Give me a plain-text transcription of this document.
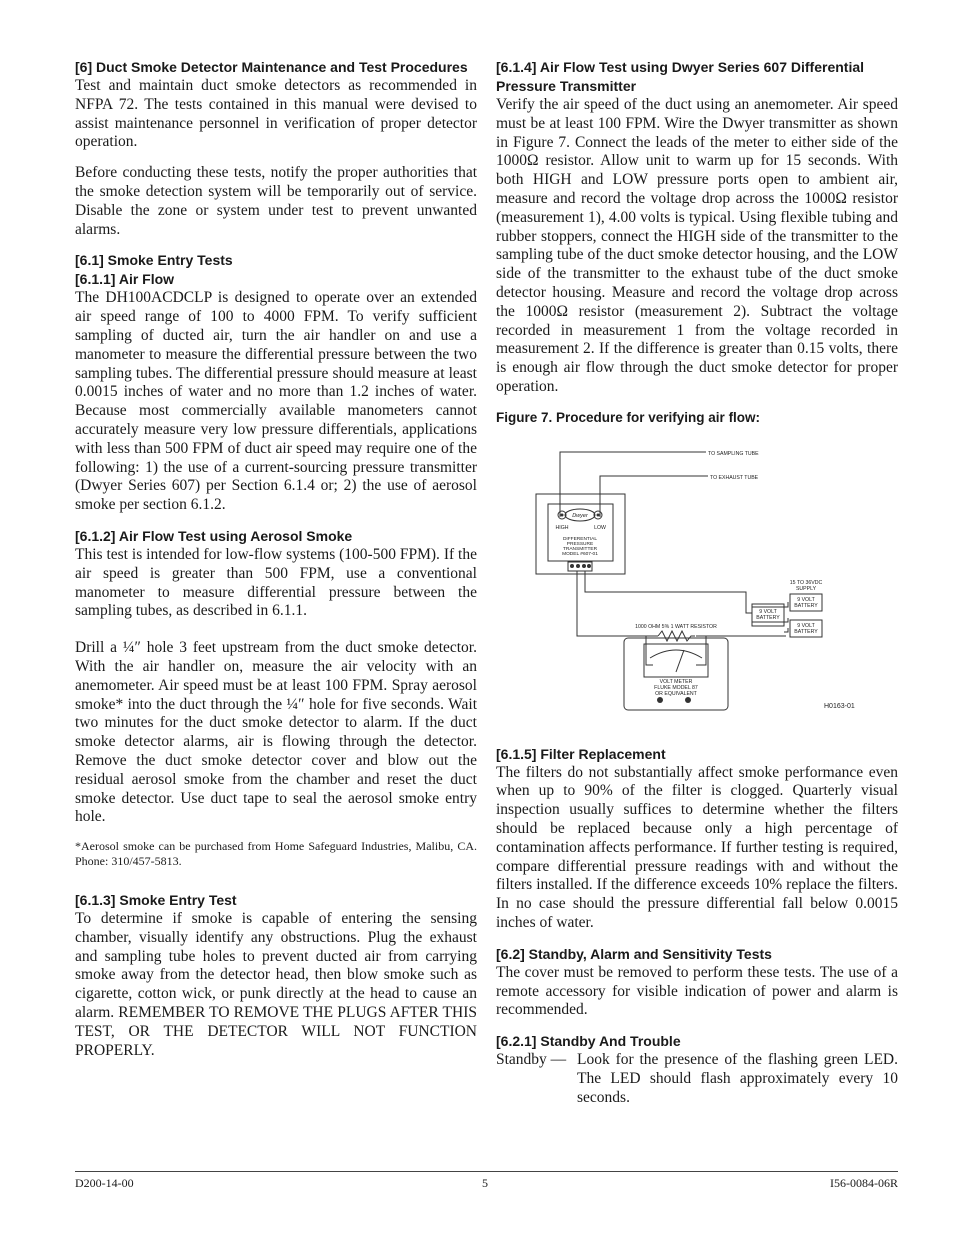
[6] Duct Smoke Detector Maintenance and Test Procedures

Test and maintain duct smoke detectors as recommended in NFPA 72. The tests contained in this manual were devised to assist maintenance personnel in verification of proper detector operation.

Before conducting these tests, notify the proper authorities that the smoke detection system will be temporarily out of service. Disable the zone or system under test to prevent unwanted alarms.

[6.1] Smoke Entry Tests
[6.1.1] Air Flow

The DH100ACDCLP is designed to operate over an extended air speed range of 100 to 4000 FPM. To verify sufficient sampling of ducted air, turn the air handler on and use a manometer to measure the differential pressure between the two sampling tubes. The differential pressure should measure at least 0.0015 inches of water and no more than 1.2 inches of water. Because most commercially available manometers cannot accurately measure very low pressure differentials, applications with less than 500 FPM of duct air speed may require one of the following: 1) the use of a current-sourcing pressure transmitter (Dwyer Series 607) per Section 6.1.4 or; 2) the use of aerosol smoke per section 6.1.2.

[6.1.2] Air Flow Test using Aerosol Smoke

This test is intended for low-flow systems (100-500 FPM). If the air speed is greater than 500 FPM, use a conventional manometer to measure differential pressure between the sampling tubes, as described in 6.1.1.

Drill a ¼″ hole 3 feet upstream from the duct smoke detector. With the air handler on, measure the air velocity with an anemometer. Air speed must be at least 100 FPM. Spray aerosol smoke* into the duct through the ¼″ hole for five seconds. Wait two minutes for the duct smoke detector to alarm. If the duct smoke detector alarms, air is flowing through the detector. Remove the duct smoke detector cover and blow out the residual aerosol smoke from the chamber and reset the duct smoke detector. Use duct tape to seal the aerosol smoke entry hole.

*Aerosol smoke can be purchased from Home Safeguard Industries, Malibu, CA. Phone: 310/457-5813.

[6.1.3] Smoke Entry Test

To determine if smoke is capable of entering the sensing chamber, visually identify any obstructions. Plug the exhaust and sampling tube holes to prevent ducted air from carrying smoke away from the detector head, then blow smoke such as cigarette, cotton wick, or punk directly at the head to cause an alarm. REMEMBER TO REMOVE THE PLUGS AFTER THIS TEST, OR THE DETECTOR WILL NOT FUNCTION PROPERLY.

[6.1.4] Air Flow Test using Dwyer Series 607 Differential Pressure Transmitter

Verify the air speed of the duct using an anemometer. Air speed must be at least 100 FPM. Wire the Dwyer transmitter as shown in Figure 7. Connect the leads of the meter to either side of the 1000Ω resistor. Allow unit to warm up for 15 seconds. With both HIGH and LOW pressure ports open to ambient air, measure and record the voltage drop across the 1000Ω resistor (measurement 1), 4.00 volts is typical. Using flexible tubing and rubber stoppers, connect the HIGH side of the transmitter to the sampling tube of the duct smoke detector housing, and the LOW side of the transmitter to the exhaust tube of the duct smoke detector housing. Measure and record the voltage drop across the 1000Ω resistor (measurement 2). Subtract the voltage recorded in measurement 1 from the voltage recorded in measurement 2. If the difference is greater than 0.15 volts, there is enough air flow through the duct smoke detector for proper operation.

Figure 7. Procedure for verifying air flow:

TO SAMPLING TUBE
TO EXHAUST TUBE
Dwyer
HIGH	LOW
DIFFERENTIAL
PRESSURE
TRANSMITTER
MODEL #607-01
15 TO 36VDC
SUPPLY
9 VOLT
BATTERY
9 VOLT
BATTERY
9 VOLT
BATTERY
1000 OHM 5% 1 WATT RESISTOR
VOLT METER
FLUKE MODEL 87
OR EQUIVALENT
H0163-01
[6.1.5] Filter Replacement

The filters do not substantially affect smoke performance even when up to 90% of the filter is clogged. Quarterly visual inspection usually suffices to determine whether the filters should be replaced because only a high percentage of contamination affects performance. If further testing is required, compare differential pressure readings with and without the filters installed. If the difference exceeds 10% replace the filters. In no case should the pressure differential fall below 0.0015 inches of water.

[6.2] Standby, Alarm and Sensitivity Tests

The cover must be removed to perform these tests. The use of a remote accessory for visible indication of power and alarm is recommended.

[6.2.1] Standby And Trouble
Standby — Look for the presence of the flashing green LED. The LED should flash approximately every 10 seconds.
D200-14-00	5	I56-0084-06R
